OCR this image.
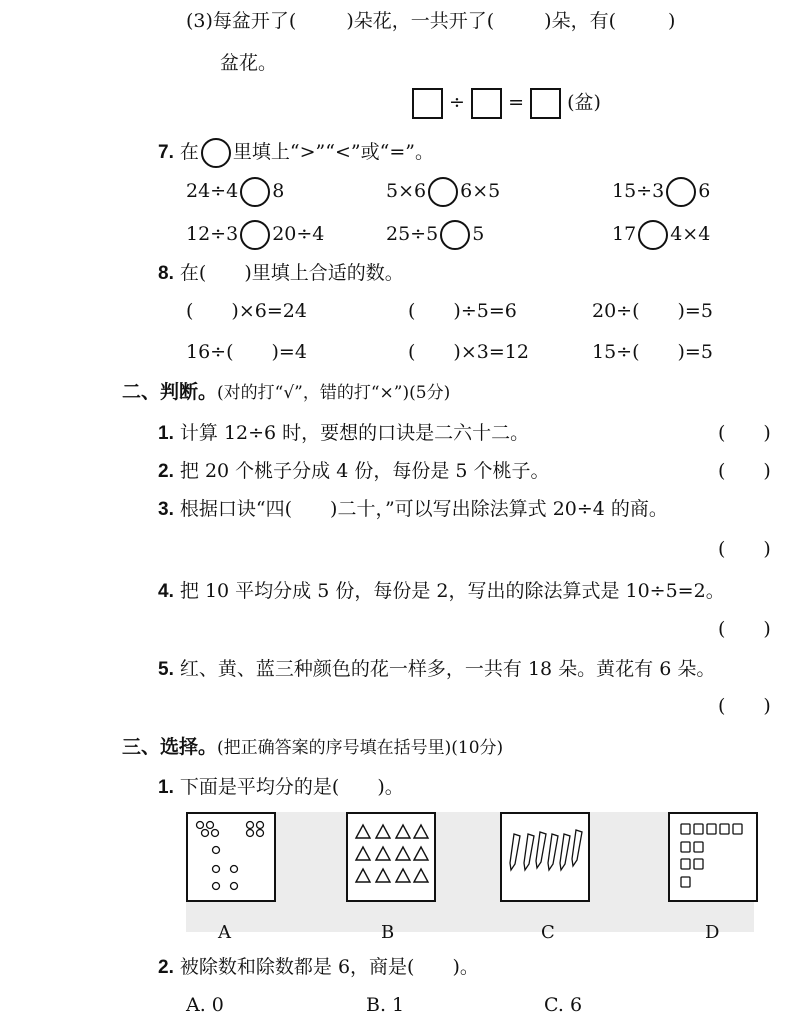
(3)每盆开了(	)朵花，一共开了(	)朵，有(	)
盆花。
÷ = (盆)
7. 在 里填上“>”“<”或“=”。
24÷4 8	5×6 6×5	15÷3 6
12÷3 20÷4	25÷5 5	17 4×4
8. 在(　　)里填上合适的数。
(　　)×6=24	(　　)÷5=6	20÷(　　)=5
16÷(　　)=4	(　　)×3=12	15÷(　　)=5
二、判断。(对的打“√”，错的打“×”)(5分)
1. 计算 12÷6 时，要想的口诀是二六十二。	(　　)
2. 把 20 个桃子分成 4 份，每份是 5 个桃子。	(　　)
3. 根据口诀“四(　　)二十，”可以写出除法算式 20÷4 的商。
(　　)
4. 把 10 平均分成 5 份，每份是 2，写出的除法算式是 10÷5=2。
(　　)
5. 红、黄、蓝三种颜色的花一样多，一共有 18 朵。黄花有 6 朵。
(　　)
三、选择。(把正确答案的序号填在括号里)(10分)
1. 下面是平均分的是(　　)。
A	B	C	D
2. 被除数和除数都是 6，商是(　　)。
A. 0	B. 1	C. 6
